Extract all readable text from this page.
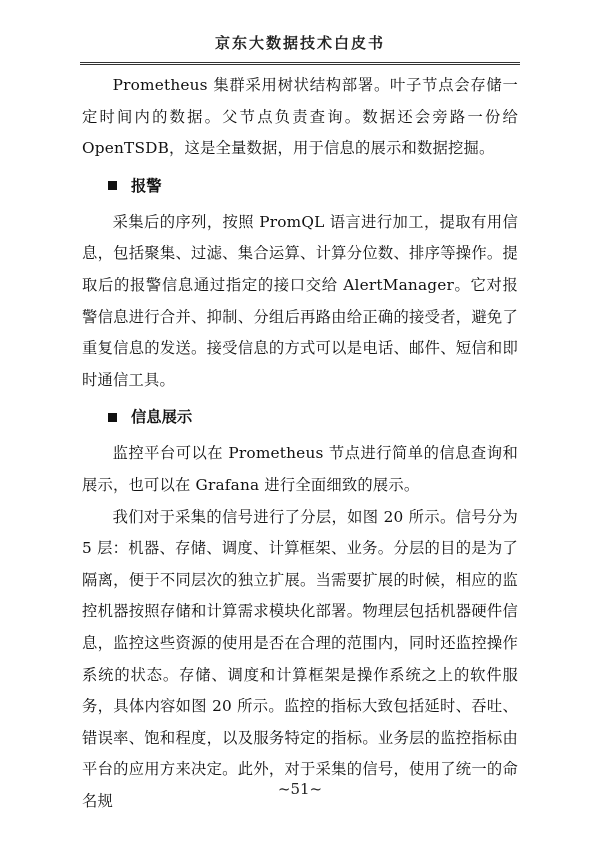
京东大数据技术白皮书

Prometheus 集群采用树状结构部署。叶子节点会存储一定时间内的数据。父节点负责查询。数据还会旁路一份给 OpenTSDB，这是全量数据，用于信息的展示和数据挖掘。

报警

采集后的序列，按照 PromQL 语言进行加工，提取有用信息，包括聚集、过滤、集合运算、计算分位数、排序等操作。提取后的报警信息通过指定的接口交给 AlertManager。它对报警信息进行合并、抑制、分组后再路由给正确的接受者，避免了重复信息的发送。接受信息的方式可以是电话、邮件、短信和即时通信工具。

信息展示

监控平台可以在 Prometheus 节点进行简单的信息查询和展示，也可以在 Grafana 进行全面细致的展示。

我们对于采集的信号进行了分层，如图 20 所示。信号分为 5 层：机器、存储、调度、计算框架、业务。分层的目的是为了隔离，便于不同层次的独立扩展。当需要扩展的时候，相应的监控机器按照存储和计算需求模块化部署。物理层包括机器硬件信息，监控这些资源的使用是否在合理的范围内，同时还监控操作系统的状态。存储、调度和计算框架是操作系统之上的软件服务，具体内容如图 20 所示。监控的指标大致包括延时、吞吐、错误率、饱和程度，以及服务特定的指标。业务层的监控指标由平台的应用方来决定。此外，对于采集的信号，使用了统一的命名规

~51~
